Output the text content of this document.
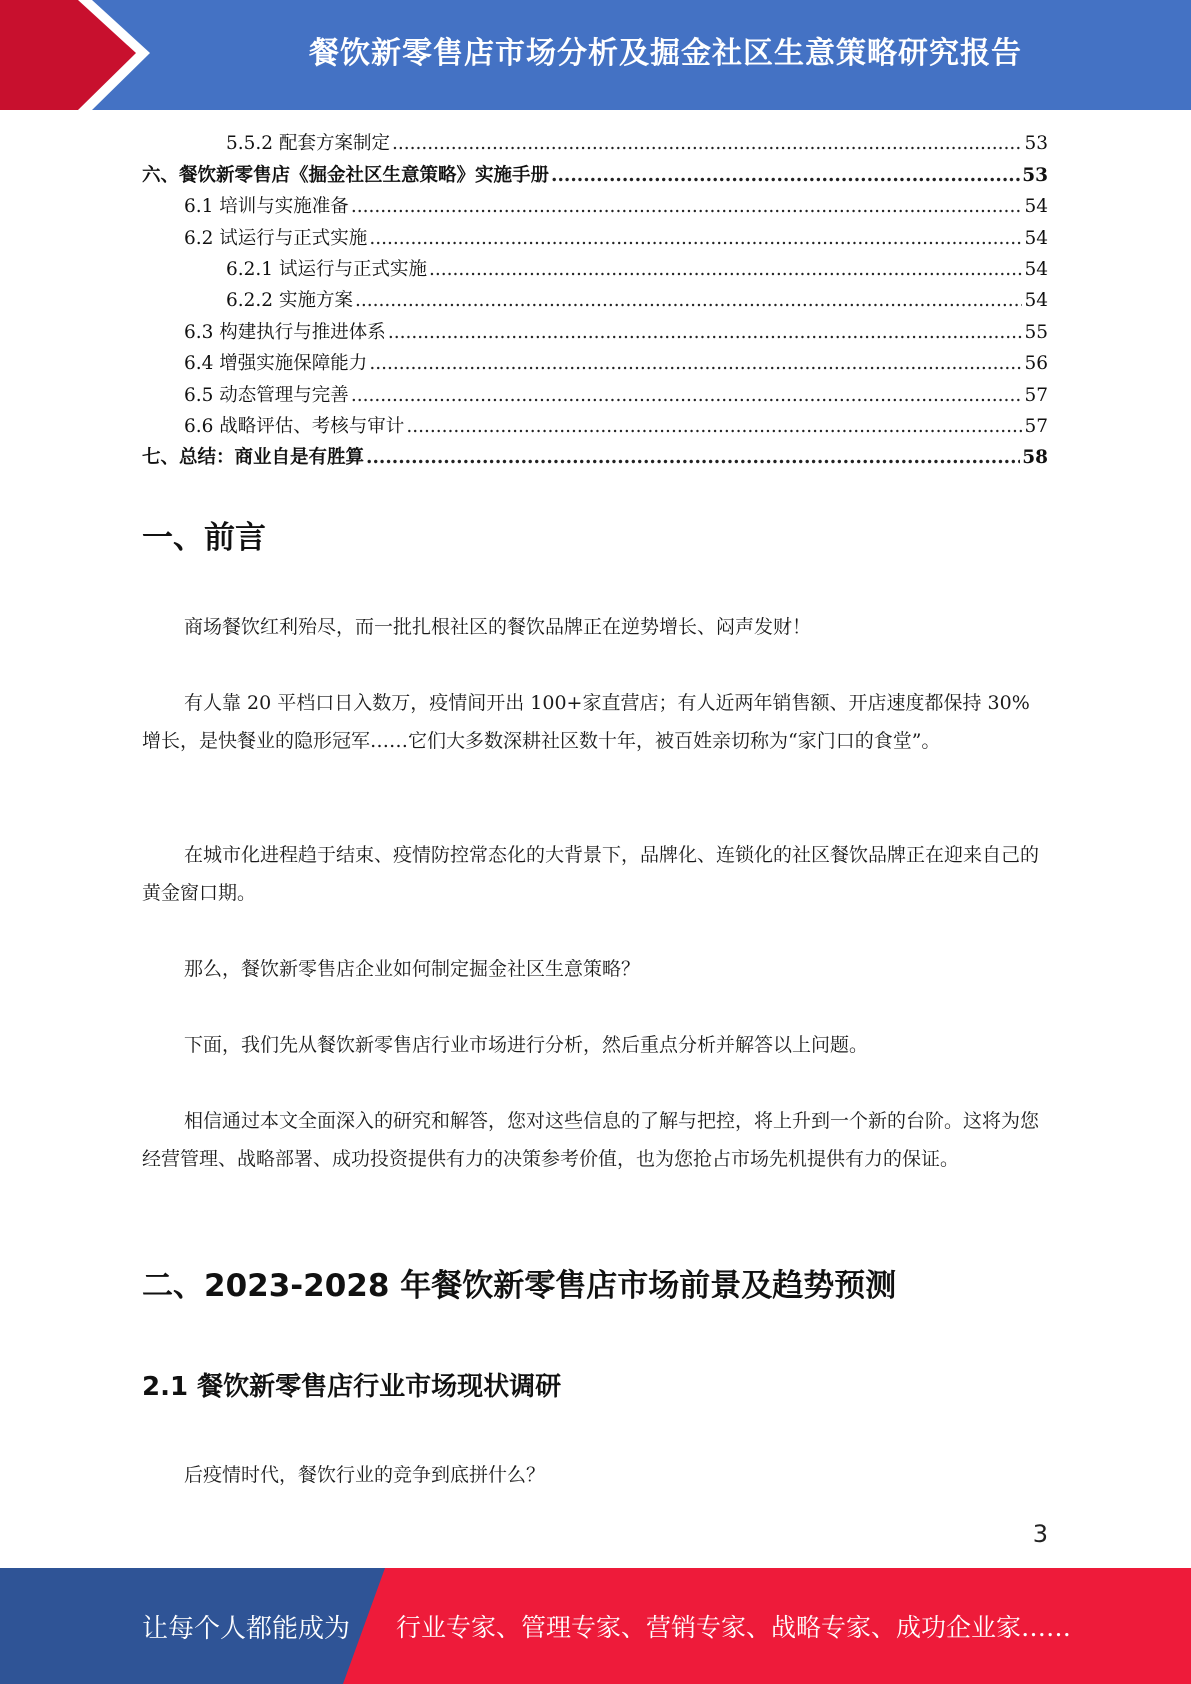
餐饮新零售店市场分析及掘金社区生意策略研究报告
5.5.2 配套方案制定 .....	53
六、餐饮新零售店《掘金社区生意策略》实施手册 .....	53
6.1 培训与实施准备 .....	54
6.2 试运行与正式实施 .....	54
6.2.1 试运行与正式实施 .....	54
6.2.2 实施方案 .....	54
6.3 构建执行与推进体系 .....	55
6.4 增强实施保障能力 .....	56
6.5 动态管理与完善 .....	57
6.6 战略评估、考核与审计 .....	57
七、总结：商业自是有胜算 .....	58
一、前言

商场餐饮红利殆尽，而一批扎根社区的餐饮品牌正在逆势增长、闷声发财！

有人靠 20 平档口日入数万，疫情间开出 100+家直营店；有人近两年销售额、开店速度都保持 30%增长，是快餐业的隐形冠军……它们大多数深耕社区数十年，被百姓亲切称为“家门口的食堂”。

在城市化进程趋于结束、疫情防控常态化的大背景下，品牌化、连锁化的社区餐饮品牌正在迎来自己的黄金窗口期。

那么，餐饮新零售店企业如何制定掘金社区生意策略？

下面，我们先从餐饮新零售店行业市场进行分析，然后重点分析并解答以上问题。

相信通过本文全面深入的研究和解答，您对这些信息的了解与把控，将上升到一个新的台阶。这将为您经营管理、战略部署、成功投资提供有力的决策参考价值，也为您抢占市场先机提供有力的保证。

二、2023-2028 年餐饮新零售店市场前景及趋势预测
2.1 餐饮新零售店行业市场现状调研

后疫情时代，餐饮行业的竞争到底拼什么？

3
让每个人都能成为 行业专家、管理专家、营销专家、战略专家、成功企业家……
